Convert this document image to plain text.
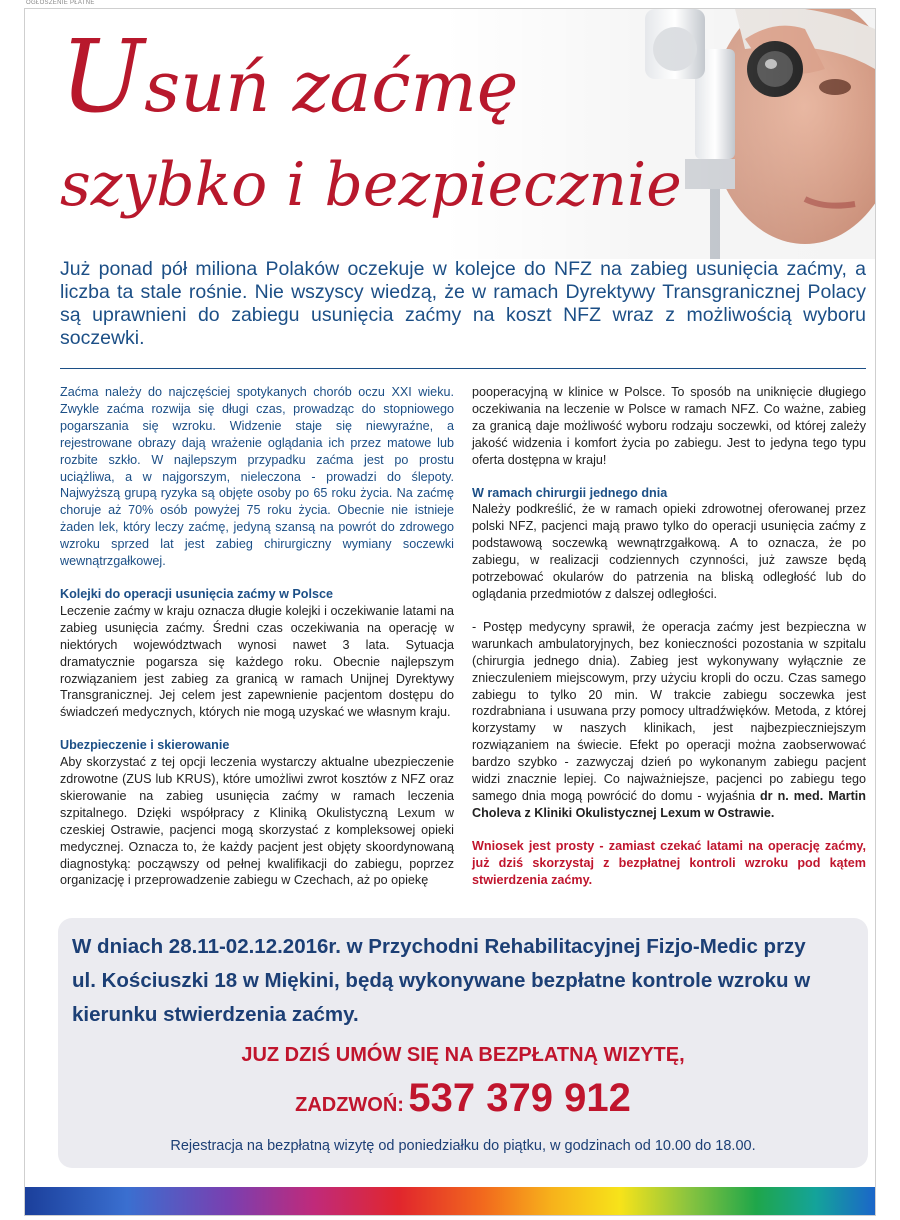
OGŁOSZENIE PŁATNE
Usuń zaćmę
szybko i bezpiecznie

Już ponad pół miliona Polaków oczekuje w kolejce do NFZ na zabieg usunięcia zaćmy, a liczba ta stale rośnie. Nie wszyscy wiedzą, że w ramach Dyrektywy Transgranicznej Polacy są uprawnieni do zabiegu usunięcia zaćmy na koszt NFZ wraz z możliwością wyboru soczewki.

Zaćma należy do najczęściej spotykanych chorób oczu XXI wieku. Zwykle zaćma rozwija się długi czas, prowadząc do stopniowego pogarszania się wzroku. Widzenie staje się niewyraźne, a rejestrowane obrazy dają wrażenie oglądania ich przez matowe lub rozbite szkło. W najlepszym przypadku zaćma jest po prostu uciążliwa, a w najgorszym, nieleczona - prowadzi do ślepoty. Najwyższą grupą ryzyka są objęte osoby po 65 roku życia. Na zaćmę choruje aż 70% osób powyżej 75 roku życia. Obecnie nie istnieje żaden lek, który leczy zaćmę, jedyną szansą na powrót do zdrowego wzroku sprzed lat jest zabieg chirurgiczny wymiany soczewki wewnątrzgałkowej.

Kolejki do operacji usunięcia zaćmy w Polsce

Leczenie zaćmy w kraju oznacza długie kolejki i oczekiwanie latami na zabieg usunięcia zaćmy. Średni czas oczekiwania na operację w niektórych województwach wynosi nawet 3 lata. Sytuacja dramatycznie pogarsza się każdego roku. Obecnie najlepszym rozwiązaniem jest zabieg za granicą w ramach Unijnej Dyrektywy Transgranicznej. Jej celem jest zapewnienie pacjentom dostępu do świadczeń medycznych, których nie mogą uzyskać we własnym kraju.

Ubezpieczenie i skierowanie

Aby skorzystać z tej opcji leczenia wystarczy aktualne ubezpieczenie zdrowotne (ZUS lub KRUS), które umożliwi zwrot kosztów z NFZ oraz skierowanie na zabieg usunięcia zaćmy w ramach leczenia szpitalnego. Dzięki współpracy z Kliniką Okulistyczną Lexum w czeskiej Ostrawie, pacjenci mogą skorzystać z kompleksowej opieki medycznej. Oznacza to, że każdy pacjent jest objęty skoordynowaną diagnostyką: począwszy od pełnej kwalifikacji do zabiegu, poprzez organizację i przeprowadzenie zabiegu w Czechach, aż po opiekę

pooperacyjną w klinice w Polsce. To sposób na uniknięcie długiego oczekiwania na leczenie w Polsce w ramach NFZ. Co ważne, zabieg za granicą daje możliwość wyboru rodzaju soczewki, od której zależy jakość widzenia i komfort życia po zabiegu. Jest to jedyna tego typu oferta dostępna w kraju!

W ramach chirurgii jednego dnia

Należy podkreślić, że w ramach opieki zdrowotnej oferowanej przez polski NFZ, pacjenci mają prawo tylko do operacji usunięcia zaćmy z podstawową soczewką wewnątrzgałkową. A to oznacza, że po zabiegu, w realizacji codziennych czynności, już zawsze będą potrzebować okularów do patrzenia na bliską odległość lub do oglądania przedmiotów z dalszej odległości.

- Postęp medycyny sprawił, że operacja zaćmy jest bezpieczna w warunkach ambulatoryjnych, bez konieczności pozostania w szpitalu (chirurgia jednego dnia). Zabieg jest wykonywany wyłącznie ze znieczuleniem miejscowym, przy użyciu kropli do oczu. Czas samego zabiegu to tylko 20 min. W trakcie zabiegu soczewka jest rozdrabniana i usuwana przy pomocy ultradźwięków. Metoda, z której korzystamy w naszych klinikach, jest najbezpieczniejszym rozwiązaniem na świecie. Efekt po operacji można zaobserwować bardzo szybko - zazwyczaj dzień po wykonanym zabiegu pacjent widzi znacznie lepiej. Co najważniejsze, pacjenci po zabiegu tego samego dnia mogą powrócić do domu - wyjaśnia dr n. med. Martin Choleva z Kliniki Okulistycznej Lexum w Ostrawie.

Wniosek jest prosty - zamiast czekać latami na operację zaćmy, już dziś skorzystaj z bezpłatnej kontroli wzroku pod kątem stwierdzenia zaćmy.

W dniach 28.11-02.12.2016r. w Przychodni Rehabilitacyjnej Fizjo-Medic przy ul. Kościuszki 18 w Miękini, będą wykonywane bezpłatne kontrole wzroku w kierunku stwierdzenia zaćmy.

JUZ DZIŚ UMÓW SIĘ NA BEZPŁATNĄ WIZYTĘ,

ZADZWOŃ: 537 379 912

Rejestracja na bezpłatną wizytę od poniedziałku do piątku, w godzinach od 10.00 do 18.00.
